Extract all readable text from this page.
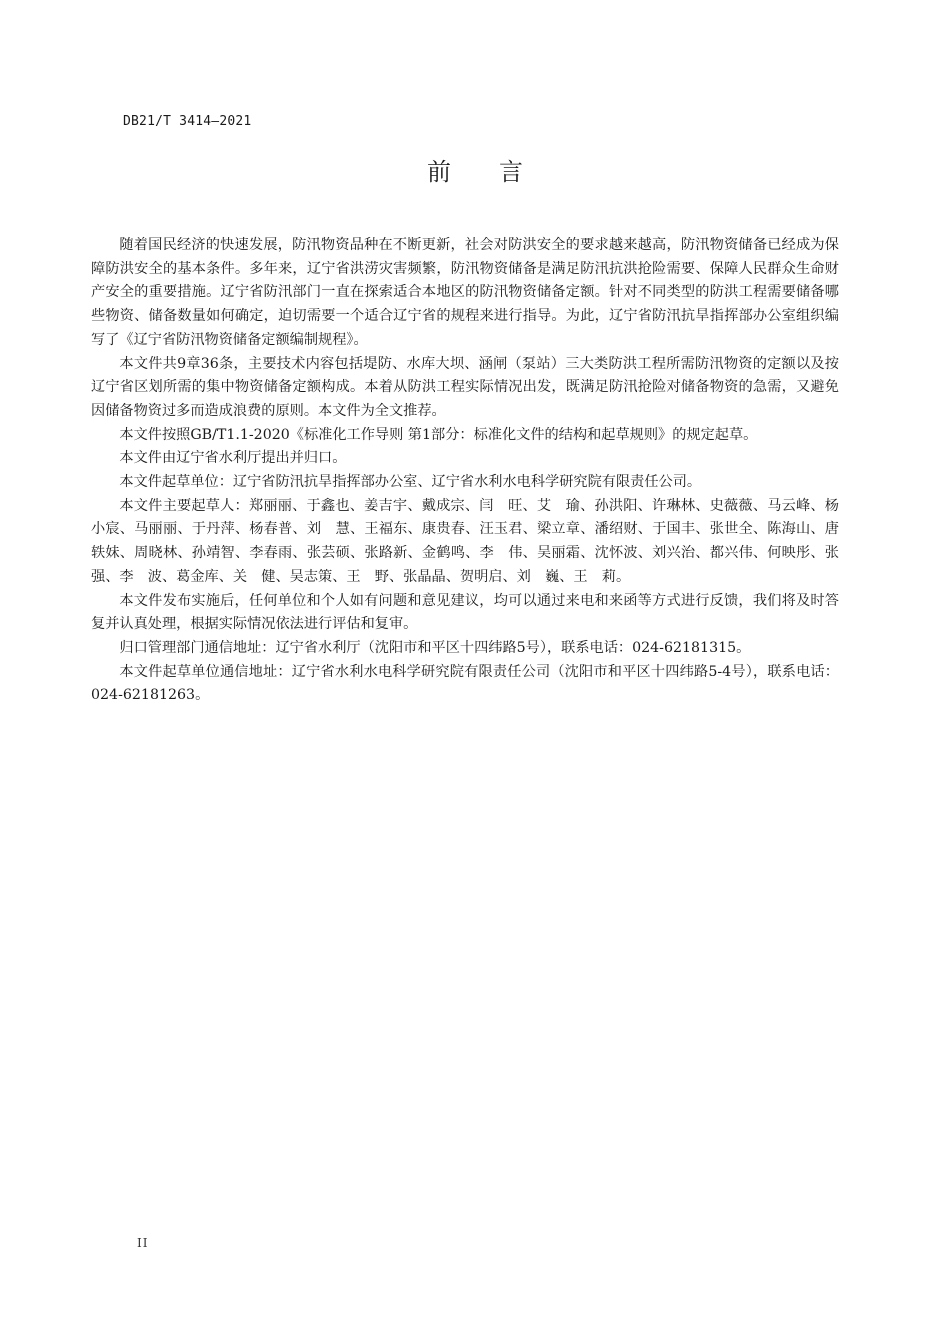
DB21/T 3414—2021
前言

随着国民经济的快速发展，防汛物资品种在不断更新，社会对防洪安全的要求越来越高，防汛物资储备已经成为保障防洪安全的基本条件。多年来，辽宁省洪涝灾害频繁，防汛物资储备是满足防汛抗洪抢险需要、保障人民群众生命财产安全的重要措施。辽宁省防汛部门一直在探索适合本地区的防汛物资储备定额。针对不同类型的防洪工程需要储备哪些物资、储备数量如何确定，迫切需要一个适合辽宁省的规程来进行指导。为此，辽宁省防汛抗旱指挥部办公室组织编写了《辽宁省防汛物资储备定额编制规程》。

本文件共9章36条，主要技术内容包括堤防、水库大坝、涵闸（泵站）三大类防洪工程所需防汛物资的定额以及按辽宁省区划所需的集中物资储备定额构成。本着从防洪工程实际情况出发，既满足防汛抢险对储备物资的急需，又避免因储备物资过多而造成浪费的原则。本文件为全文推荐。

本文件按照GB/T1.1-2020《标准化工作导则 第1部分：标准化文件的结构和起草规则》的规定起草。

本文件由辽宁省水利厅提出并归口。

本文件起草单位：辽宁省防汛抗旱指挥部办公室、辽宁省水利水电科学研究院有限责任公司。

本文件主要起草人：郑丽丽、于鑫也、姜吉宇、戴成宗、闫　旺、艾　瑜、孙洪阳、许琳林、史薇薇、马云峰、杨小宸、马丽丽、于丹萍、杨春普、刘　慧、王福东、康贵春、汪玉君、梁立章、潘绍财、于国丰、张世全、陈海山、唐轶妹、周晓林、孙靖智、李春雨、张芸硕、张路新、金鹤鸣、李　伟、吴丽霜、沈怀波、刘兴治、都兴伟、何映彤、张　强、李　波、葛金库、关　健、吴志策、王　野、张晶晶、贺明启、刘　巍、王　莉。

本文件发布实施后，任何单位和个人如有问题和意见建议，均可以通过来电和来函等方式进行反馈，我们将及时答复并认真处理，根据实际情况依法进行评估和复审。

归口管理部门通信地址：辽宁省水利厅（沈阳市和平区十四纬路5号），联系电话：024-62181315。

本文件起草单位通信地址：辽宁省水利水电科学研究院有限责任公司（沈阳市和平区十四纬路5-4号），联系电话：024-62181263。

II
